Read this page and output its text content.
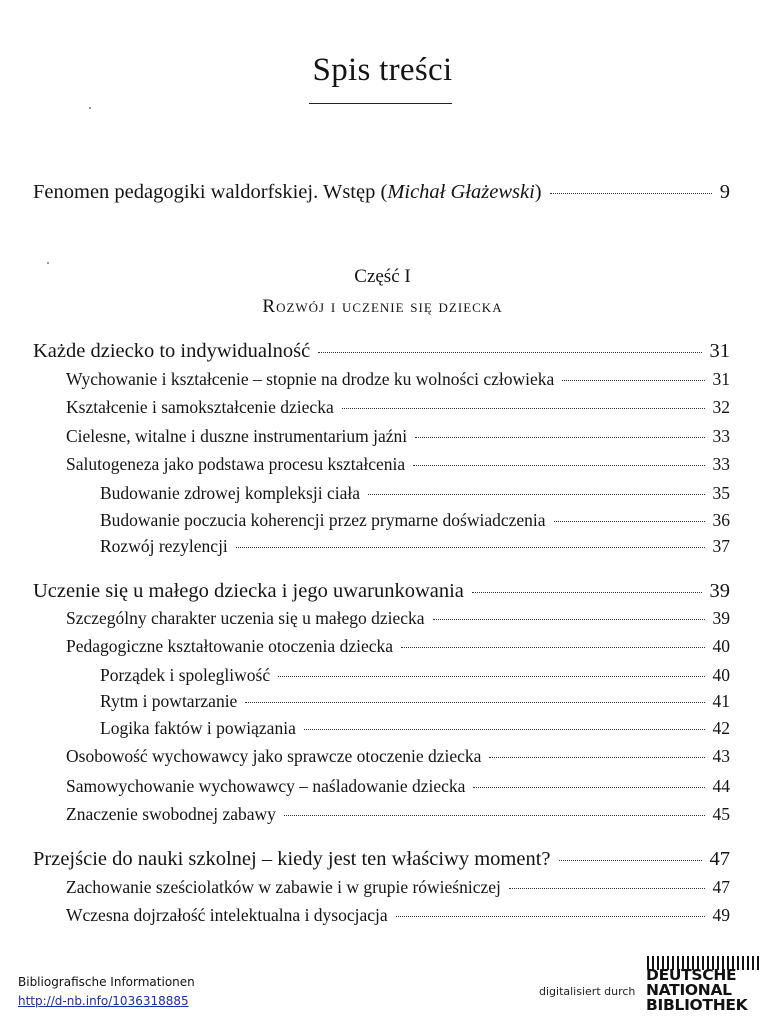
Spis treści
Fenomen pedagogiki waldorfskiej. Wstęp (Michał Głażewski)	9
Część I
Rozwój i uczenie się dziecka
Każde dziecko to indywidualność	31
Wychowanie i kształcenie – stopnie na drodze ku wolności człowieka	31
Kształcenie i samokształcenie dziecka	32
Cielesne, witalne i duszne instrumentarium jaźni	33
Salutogeneza jako podstawa procesu kształcenia	33
Budowanie zdrowej kompleksji ciała	35
Budowanie poczucia koherencji przez prymarne doświadczenia	36
Rozwój rezylencji	37
Uczenie się u małego dziecka i jego uwarunkowania	39
Szczególny charakter uczenia się u małego dziecka	39
Pedagogiczne kształtowanie otoczenia dziecka	40
Porządek i spolegliwość	40
Rytm i powtarzanie	41
Logika faktów i powiązania	42
Osobowość wychowawcy jako sprawcze otoczenie dziecka	43
Samowychowanie wychowawcy – naśladowanie dziecka	44
Znaczenie swobodnej zabawy	45
Przejście do nauki szkolnej – kiedy jest ten właściwy moment?	47
Zachowanie sześciolatków w zabawie i w grupie rówieśniczej	47
Wczesna dojrzałość intelektualna i dysocjacja	49
Bibliografische Informationen
http://d-nb.info/1036318885
digitalisiert durch
DEUTSCHE
NATIONAL
BIBLIOTHEK
